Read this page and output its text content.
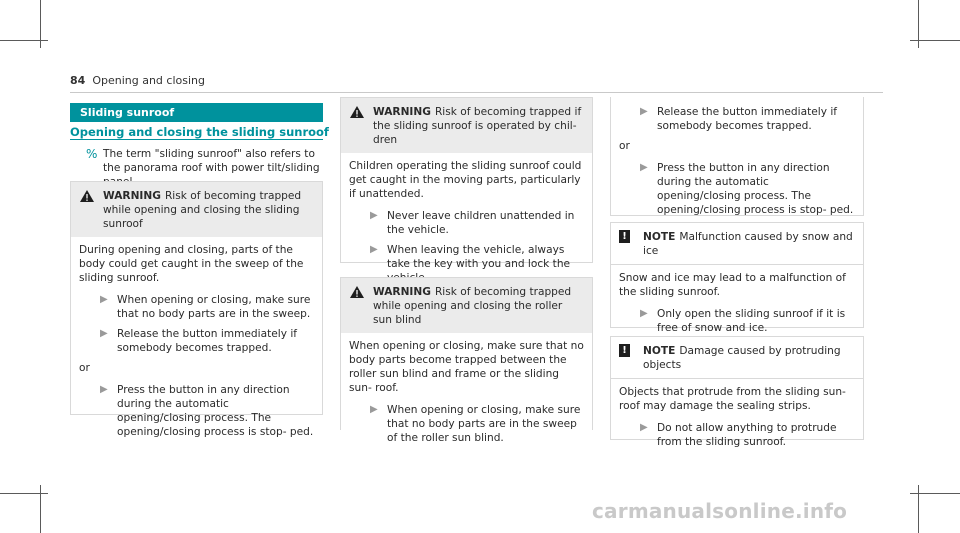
84 Opening and closing
Sliding sunroof
Opening and closing the sliding sunroof
% The term "sliding sunroof" also refers to the panorama roof with power tilt/sliding
WARNING Risk of becoming trapped while opening and closing the sliding sunroof

During opening and closing, parts of the body could get caught in the sweep of the sliding sunroof.

▶ When opening or closing, make sure that no body parts are in the sweep.
▶ Release the button immediately if somebody becomes trapped.
or
▶ Press the button in any direction during the automatic opening/closing process. The opening/closing process is stop‐ ped.
WARNING Risk of becoming trapped if the sliding sunroof is operated by chil‐ dren

Children operating the sliding sunroof could get caught in the moving parts, particularly if unattended.

▶ Never leave children unattended in the vehicle.
▶ When leaving the vehicle, always take the key with you and lock the
WARNING Risk of becoming trapped while opening and closing the roller sun blind

When opening or closing, make sure that no body parts become trapped between the roller sun blind and frame or the sliding sun‐ roof.

▶ When opening or closing, make sure that no body parts are in the sweep of the roller sun blind.
▶ Release the button immediately if somebody becomes trapped.
or
▶ Press the button in any direction during the automatic opening/closing process. The opening/closing process is stop‐ ped.
!	NOTE Malfunction caused by snow and ice

Snow and ice may lead to a malfunction of the sliding sunroof.

▶ Only open the sliding sunroof if it is free of snow and ice.
!	NOTE Damage caused by protruding objects

Objects that protrude from the sliding sun‐ roof may damage the sealing strips.

▶ Do not allow anything to protrude from the sliding sunroof.
carmanualsonline.info
